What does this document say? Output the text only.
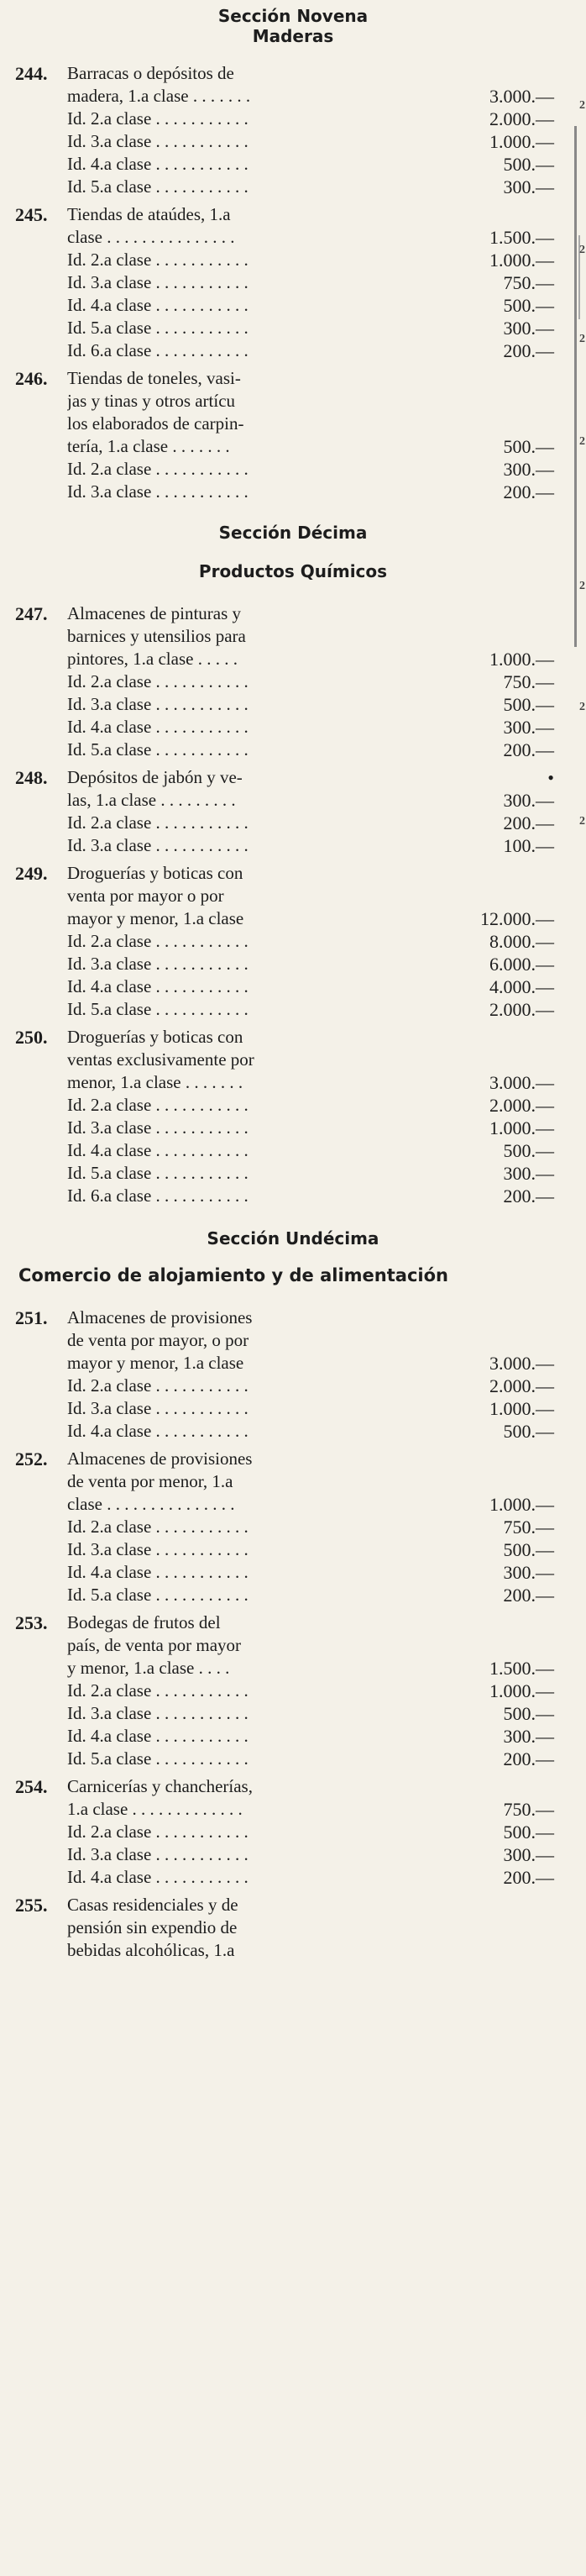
Sección Novena
Maderas
244. Barracas o depósitos de
madera, 1.a clase . . . . . . .	3.000.—
Id. 2.a clase . . . . . . . . . . .	2.000.—
Id. 3.a clase . . . . . . . . . . .	1.000.—
Id. 4.a clase . . . . . . . . . . .	500.—
Id. 5.a clase . . . . . . . . . . .	300.—
245. Tiendas de ataúdes, 1.a
clase . . . . . . . . . . . . . . .	1.500.—
Id. 2.a clase . . . . . . . . . . .	1.000.—
Id. 3.a clase . . . . . . . . . . .	750.—
Id. 4.a clase . . . . . . . . . . .	500.—
Id. 5.a clase . . . . . . . . . . .	300.—
Id. 6.a clase . . . . . . . . . . .	200.—
246. Tiendas de toneles, vasi-
jas y tinas y otros artícu
los elaborados de carpin-
tería, 1.a clase . . . . . . .	500.—
Id. 2.a clase . . . . . . . . . . .	300.—
Id. 3.a clase . . . . . . . . . . .	200.—
Sección Décima
Productos Químicos
247. Almacenes de pinturas y
barnices y utensilios para
pintores, 1.a clase . . . . .	1.000.—
Id. 2.a clase . . . . . . . . . . .	750.—
Id. 3.a clase . . . . . . . . . . .	500.—
Id. 4.a clase . . . . . . . . . . .	300.—
Id. 5.a clase . . . . . . . . . . .	200.—
248. Depósitos de jabón y ve-	•
las, 1.a clase . . . . . . . . .	300.—
Id. 2.a clase . . . . . . . . . . .	200.—
Id. 3.a clase . . . . . . . . . . .	100.—
249. Droguerías y boticas con
venta por mayor o por
mayor y menor, 1.a clase	12.000.—
Id. 2.a clase . . . . . . . . . . .	8.000.—
Id. 3.a clase . . . . . . . . . . .	6.000.—
Id. 4.a clase . . . . . . . . . . .	4.000.—
Id. 5.a clase . . . . . . . . . . .	2.000.—
250. Droguerías y boticas con
ventas exclusivamente por
menor, 1.a clase . . . . . . .	3.000.—
Id. 2.a clase . . . . . . . . . . .	2.000.—
Id. 3.a clase . . . . . . . . . . .	1.000.—
Id. 4.a clase . . . . . . . . . . .	500.—
Id. 5.a clase . . . . . . . . . . .	300.—
Id. 6.a clase . . . . . . . . . . .	200.—
Sección Undécima
Comercio de alojamiento y de alimentación
251. Almacenes de provisiones
de venta por mayor, o por
mayor y menor, 1.a clase	3.000.—
Id. 2.a clase . . . . . . . . . . .	2.000.—
Id. 3.a clase . . . . . . . . . . .	1.000.—
Id. 4.a clase . . . . . . . . . . .	500.—
252. Almacenes de provisiones
de venta por menor, 1.a
clase . . . . . . . . . . . . . . .	1.000.—
Id. 2.a clase . . . . . . . . . . .	750.—
Id. 3.a clase . . . . . . . . . . .	500.—
Id. 4.a clase . . . . . . . . . . .	300.—
Id. 5.a clase . . . . . . . . . . .	200.—
253. Bodegas de frutos del
país, de venta por mayor
y menor, 1.a clase . . . .	1.500.—
Id. 2.a clase . . . . . . . . . . .	1.000.—
Id. 3.a clase . . . . . . . . . . .	500.—
Id. 4.a clase . . . . . . . . . . .	300.—
Id. 5.a clase . . . . . . . . . . .	200.—
254. Carnicerías y chancherías,
1.a clase . . . . . . . . . . . . .	750.—
Id. 2.a clase . . . . . . . . . . .	500.—
Id. 3.a clase . . . . . . . . . . .	300.—
Id. 4.a clase . . . . . . . . . . .	200.—
255. Casas residenciales y de
pensión sin expendio de
bebidas alcohólicas, 1.a
2
2
2
2
2
2
2
